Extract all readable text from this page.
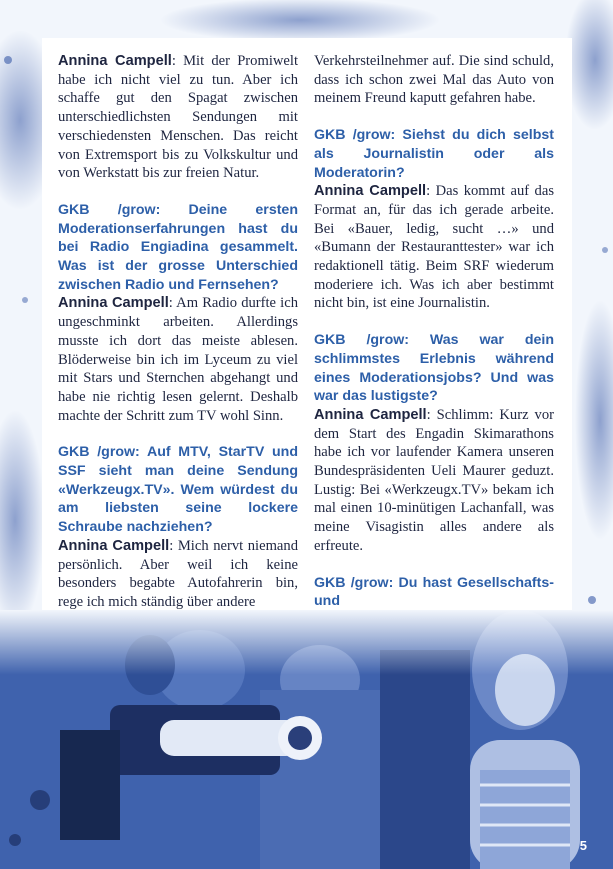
Annina Campell: Mit der Promiwelt habe ich nicht viel zu tun. Aber ich schaffe gut den Spagat zwischen unterschiedlichsten Sendungen mit verschiedensten Menschen. Das reicht von Extremsport bis zu Volkskultur und von Werkstatt bis zur freien Natur.

GKB /grow: Deine ersten Moderationserfahrungen hast du bei Radio Engiadina gesammelt. Was ist der grosse Unterschied zwischen Radio und Fernsehen?

Annina Campell: Am Radio durfte ich ungeschminkt arbeiten. Allerdings musste ich dort das meiste ablesen. Blöderweise bin ich im Lyceum zu viel mit Stars und Sternchen abgehangt und habe nie richtig lesen gelernt. Deshalb machte der Schritt zum TV wohl Sinn.

GKB /grow: Auf MTV, StarTV und SSF sieht man deine Sendung «Werkzeugx.TV». Wem würdest du am liebsten seine lockere Schraube nachziehen?

Annina Campell: Mich nervt niemand persönlich. Aber weil ich keine besonders begabte Autofahrerin bin, rege ich mich ständig über andere

Verkehrsteilnehmer auf. Die sind schuld, dass ich schon zwei Mal das Auto von meinem Freund kaputt gefahren habe.

GKB /grow: Siehst du dich selbst als Journalistin oder als Moderatorin?

Annina Campell: Das kommt auf das Format an, für das ich gerade arbeite. Bei «Bauer, ledig, sucht …» und «Bumann der Restauranttester» war ich redaktionell tätig. Beim SRF wiederum moderiere ich. Was ich aber bestimmt nicht bin, ist eine Journalistin.

GKB /grow: Was war dein schlimmstes Erlebnis während eines Moderationsjobs? Und was war das lustigste?

Annina Campell: Schlimm: Kurz vor dem Start des Engadin Skimarathons habe ich vor laufender Kamera unseren Bundespräsidenten Ueli Maurer geduzt. Lustig: Bei «Werkzeugx.TV» bekam ich mal einen 10-minütigen Lachanfall, was meine Visagistin alles andere als erfreute.

GKB /grow: Du hast Gesellschafts- und

5
